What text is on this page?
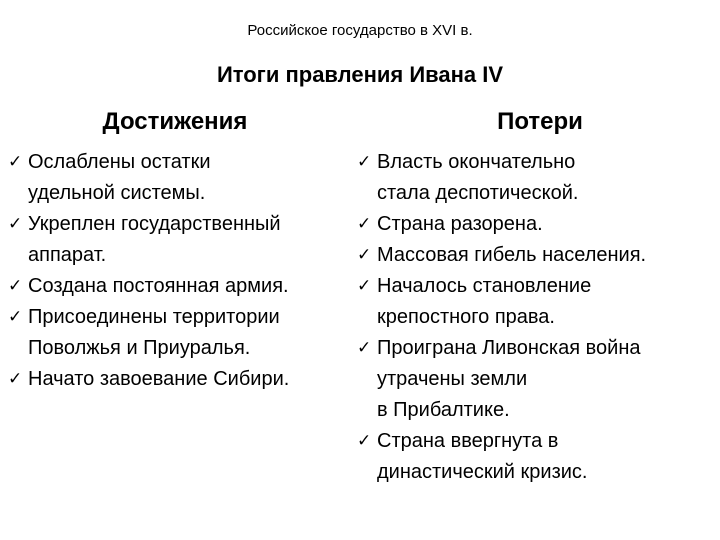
Российское государство в XVI в.
Итоги правления Ивана IV
Достижения	Потери
✓ Ослаблены остатки
удельной системы.
✓ Укреплен государственный
аппарат.
✓ Создана постоянная армия.
✓ Присоединены территории
Поволжья и Приуралья.
✓ Начато завоевание Сибири.
✓ Власть окончательно
стала деспотической.
✓ Страна разорена.
✓ Массовая гибель населения.
✓ Началось становление
крепостного права.
✓ Проиграна Ливонская война
утрачены земли
в Прибалтике.
✓ Страна ввергнута в
династический кризис.
